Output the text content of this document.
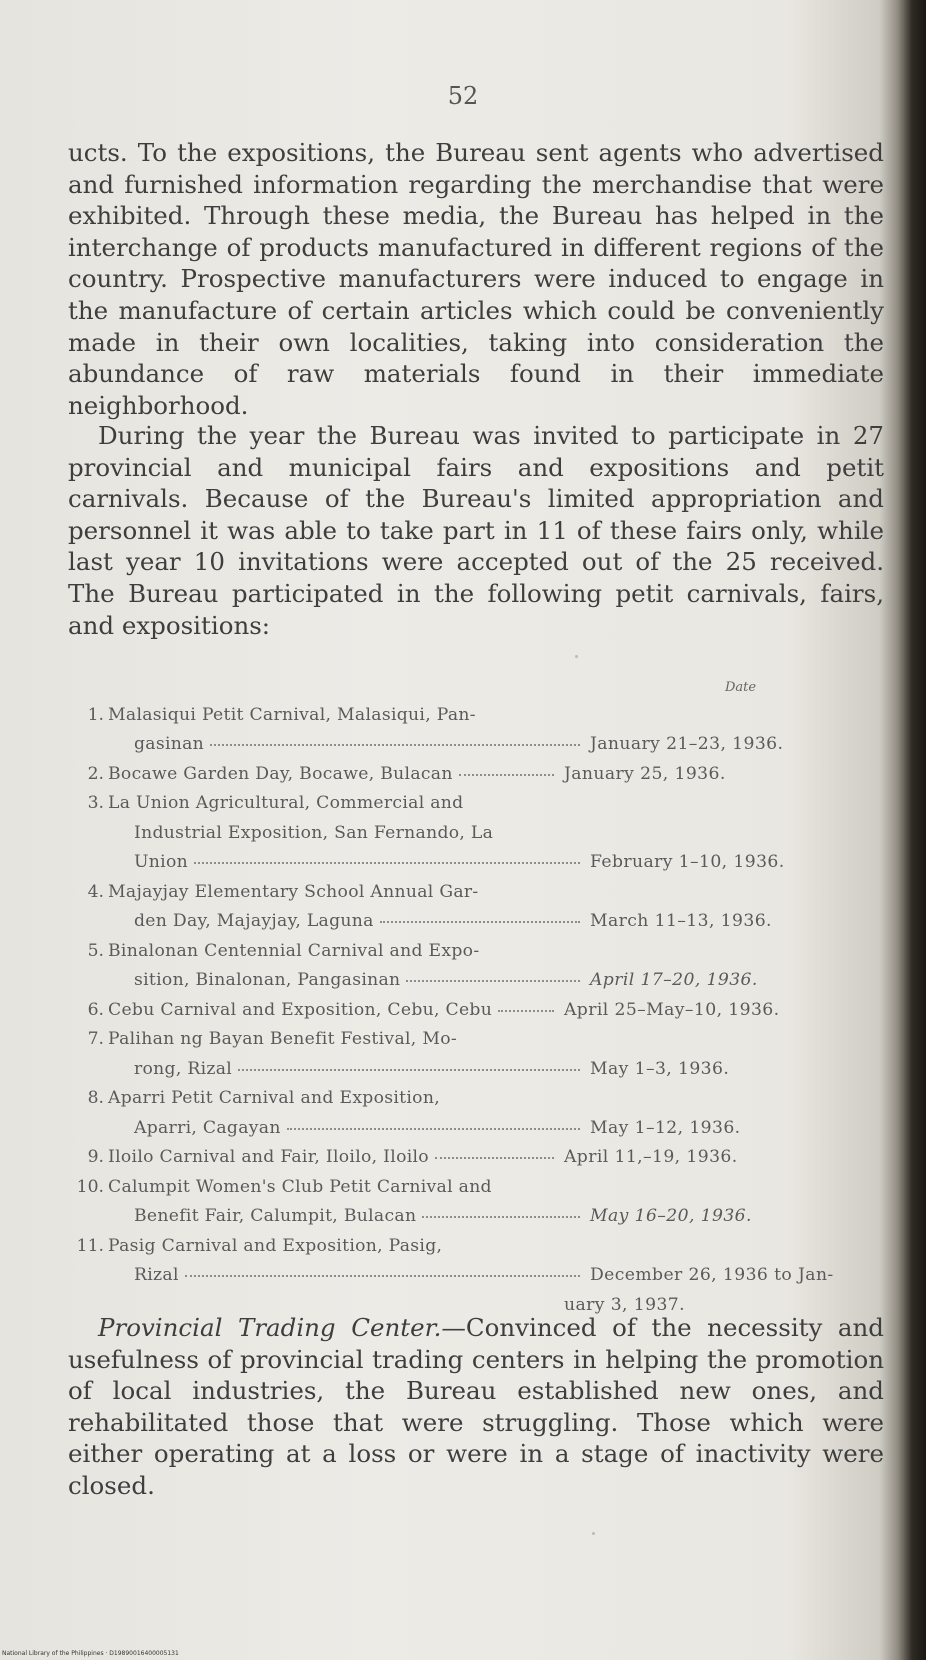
52

ucts. To the expositions, the Bureau sent agents who advertised and furnished information regarding the merchandise that were exhibited. Through these media, the Bureau has helped in the interchange of products manufactured in different regions of the country. Prospective manufacturers were induced to engage in the manufacture of certain articles which could be conveniently made in their own localities, taking into consideration the abundance of raw materials found in their immediate neighborhood.

During the year the Bureau was invited to participate in 27 provincial and municipal fairs and expositions and petit carnivals. Because of the Bureau's limited appropriation and personnel it was able to take part in 11 of these fairs only, while last year 10 invitations were accepted out of the 25 received. The Bureau participated in the following petit carnivals, fairs, and expositions:

Date
1. Malasiqui Petit Carnival, Malasiqui, Pan-
gasinan	January 21–23, 1936.
2. Bocawe Garden Day, Bocawe, Bulacan	January 25, 1936.
3. La Union Agricultural, Commercial and
Industrial Exposition, San Fernando, La
Union	February 1–10, 1936.
4. Majayjay Elementary School Annual Gar-
den Day, Majayjay, Laguna	March 11–13, 1936.
5. Binalonan Centennial Carnival and Expo-
sition, Binalonan, Pangasinan	April 17–20, 1936.
6. Cebu Carnival and Exposition, Cebu, Cebu	April 25–May–10, 1936.
7. Palihan ng Bayan Benefit Festival, Mo-
rong, Rizal	May 1–3, 1936.
8. Aparri Petit Carnival and Exposition,
Aparri, Cagayan	May 1–12, 1936.
9. Iloilo Carnival and Fair, Iloilo, Iloilo	April 11,–19, 1936.
10. Calumpit Women's Club Petit Carnival and
Benefit Fair, Calumpit, Bulacan	May 16–20, 1936.
11. Pasig Carnival and Exposition, Pasig,
Rizal	December 26, 1936 to Jan-
uary 3, 1937.

Provincial Trading Center.—Convinced of the necessity and usefulness of provincial trading centers in helping the promotion of local industries, the Bureau established new ones, and rehabilitated those that were struggling. Those which were either operating at a loss or were in a stage of inactivity were closed.

National Library of the Philippines · D19890016400005131
